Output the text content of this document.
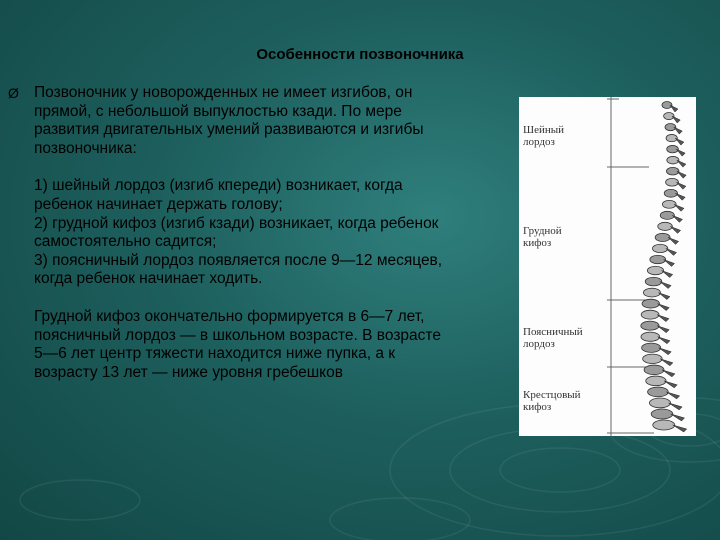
Особенности позвоночника
Ø Позвоночник у новорожденных не имеет изгибов, он
прямой, с небольшой выпуклостью кзади. По мере
развития двигательных умений развиваются и изгибы
позвоночника:

1) шейный лордоз (изгиб кпереди) возникает, когда
ребенок начинает держать голову;
2) грудной кифоз (изгиб кзади) возникает, когда ребенок
самостоятельно садится;
3) поясничный лордоз появляется после 9—12 месяцев,
когда ребенок начинает ходить.

Грудной кифоз окончательно формируется в 6—7 лет,
поясничный лордоз — в школьном возрасте. В возрасте
5—6 лет центр тяжести находится ниже пупка, а к
возрасту 13 лет — ниже уровня гребешков

Шейный
лордоз
Грудной
кифоз
Поясничный
лордоз
Крестцовый
кифоз
